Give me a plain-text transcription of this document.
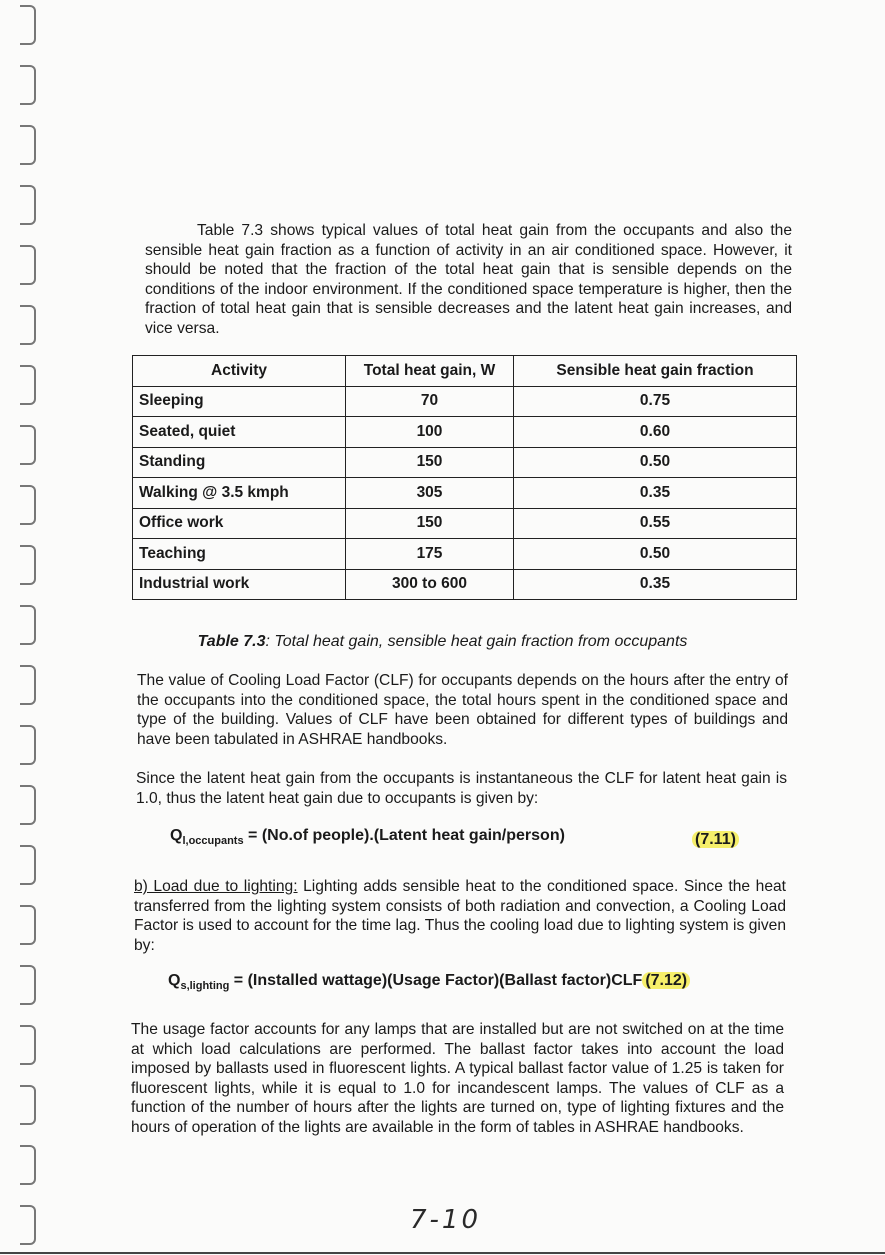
Table 7.3 shows typical values of total heat gain from the occupants and also the sensible heat gain fraction as a function of activity in an air conditioned space. However, it should be noted that the fraction of the total heat gain that is sensible depends on the conditions of the indoor environment. If the conditioned space temperature is higher, then the fraction of total heat gain that is sensible decreases and the latent heat gain increases, and vice versa.

Activity	Total heat gain, W	Sensible heat gain fraction
Sleeping	70	0.75
Seated, quiet	100	0.60
Standing	150	0.50
Walking @ 3.5 kmph	305	0.35
Office work	150	0.55
Teaching	175	0.50
Industrial work	300 to 600	0.35
Table 7.3: Total heat gain, sensible heat gain fraction from occupants

The value of Cooling Load Factor (CLF) for occupants depends on the hours after the entry of the occupants into the conditioned space, the total hours spent in the conditioned space and type of the building. Values of CLF have been obtained for different types of buildings and have been tabulated in ASHRAE handbooks.

Since the latent heat gain from the occupants is instantaneous the CLF for latent heat gain is 1.0, thus the latent heat gain due to occupants is given by:

$Q_{l,occupants} = (No.of$ people).(Latent heat gain/person)	(7.11)

b) Load due to lighting: Lighting adds sensible heat to the conditioned space. Since the heat transferred from the lighting system consists of both radiation and convection, a Cooling Load Factor is used to account for the time lag. Thus the cooling load due to lighting system is given by:

$Q_{s,lighting}$ = (Installed wattage)(Usage Factor)(Ballast factor)CLF (7.12)

The usage factor accounts for any lamps that are installed but are not switched on at the time at which load calculations are performed. The ballast factor takes into account the load imposed by ballasts used in fluorescent lights. A typical ballast factor value of 1.25 is taken for fluorescent lights, while it is equal to 1.0 for incandescent lamps. The values of CLF as a function of the number of hours after the lights are turned on, type of lighting fixtures and the hours of operation of the lights are available in the form of tables in ASHRAE handbooks.

7-10
